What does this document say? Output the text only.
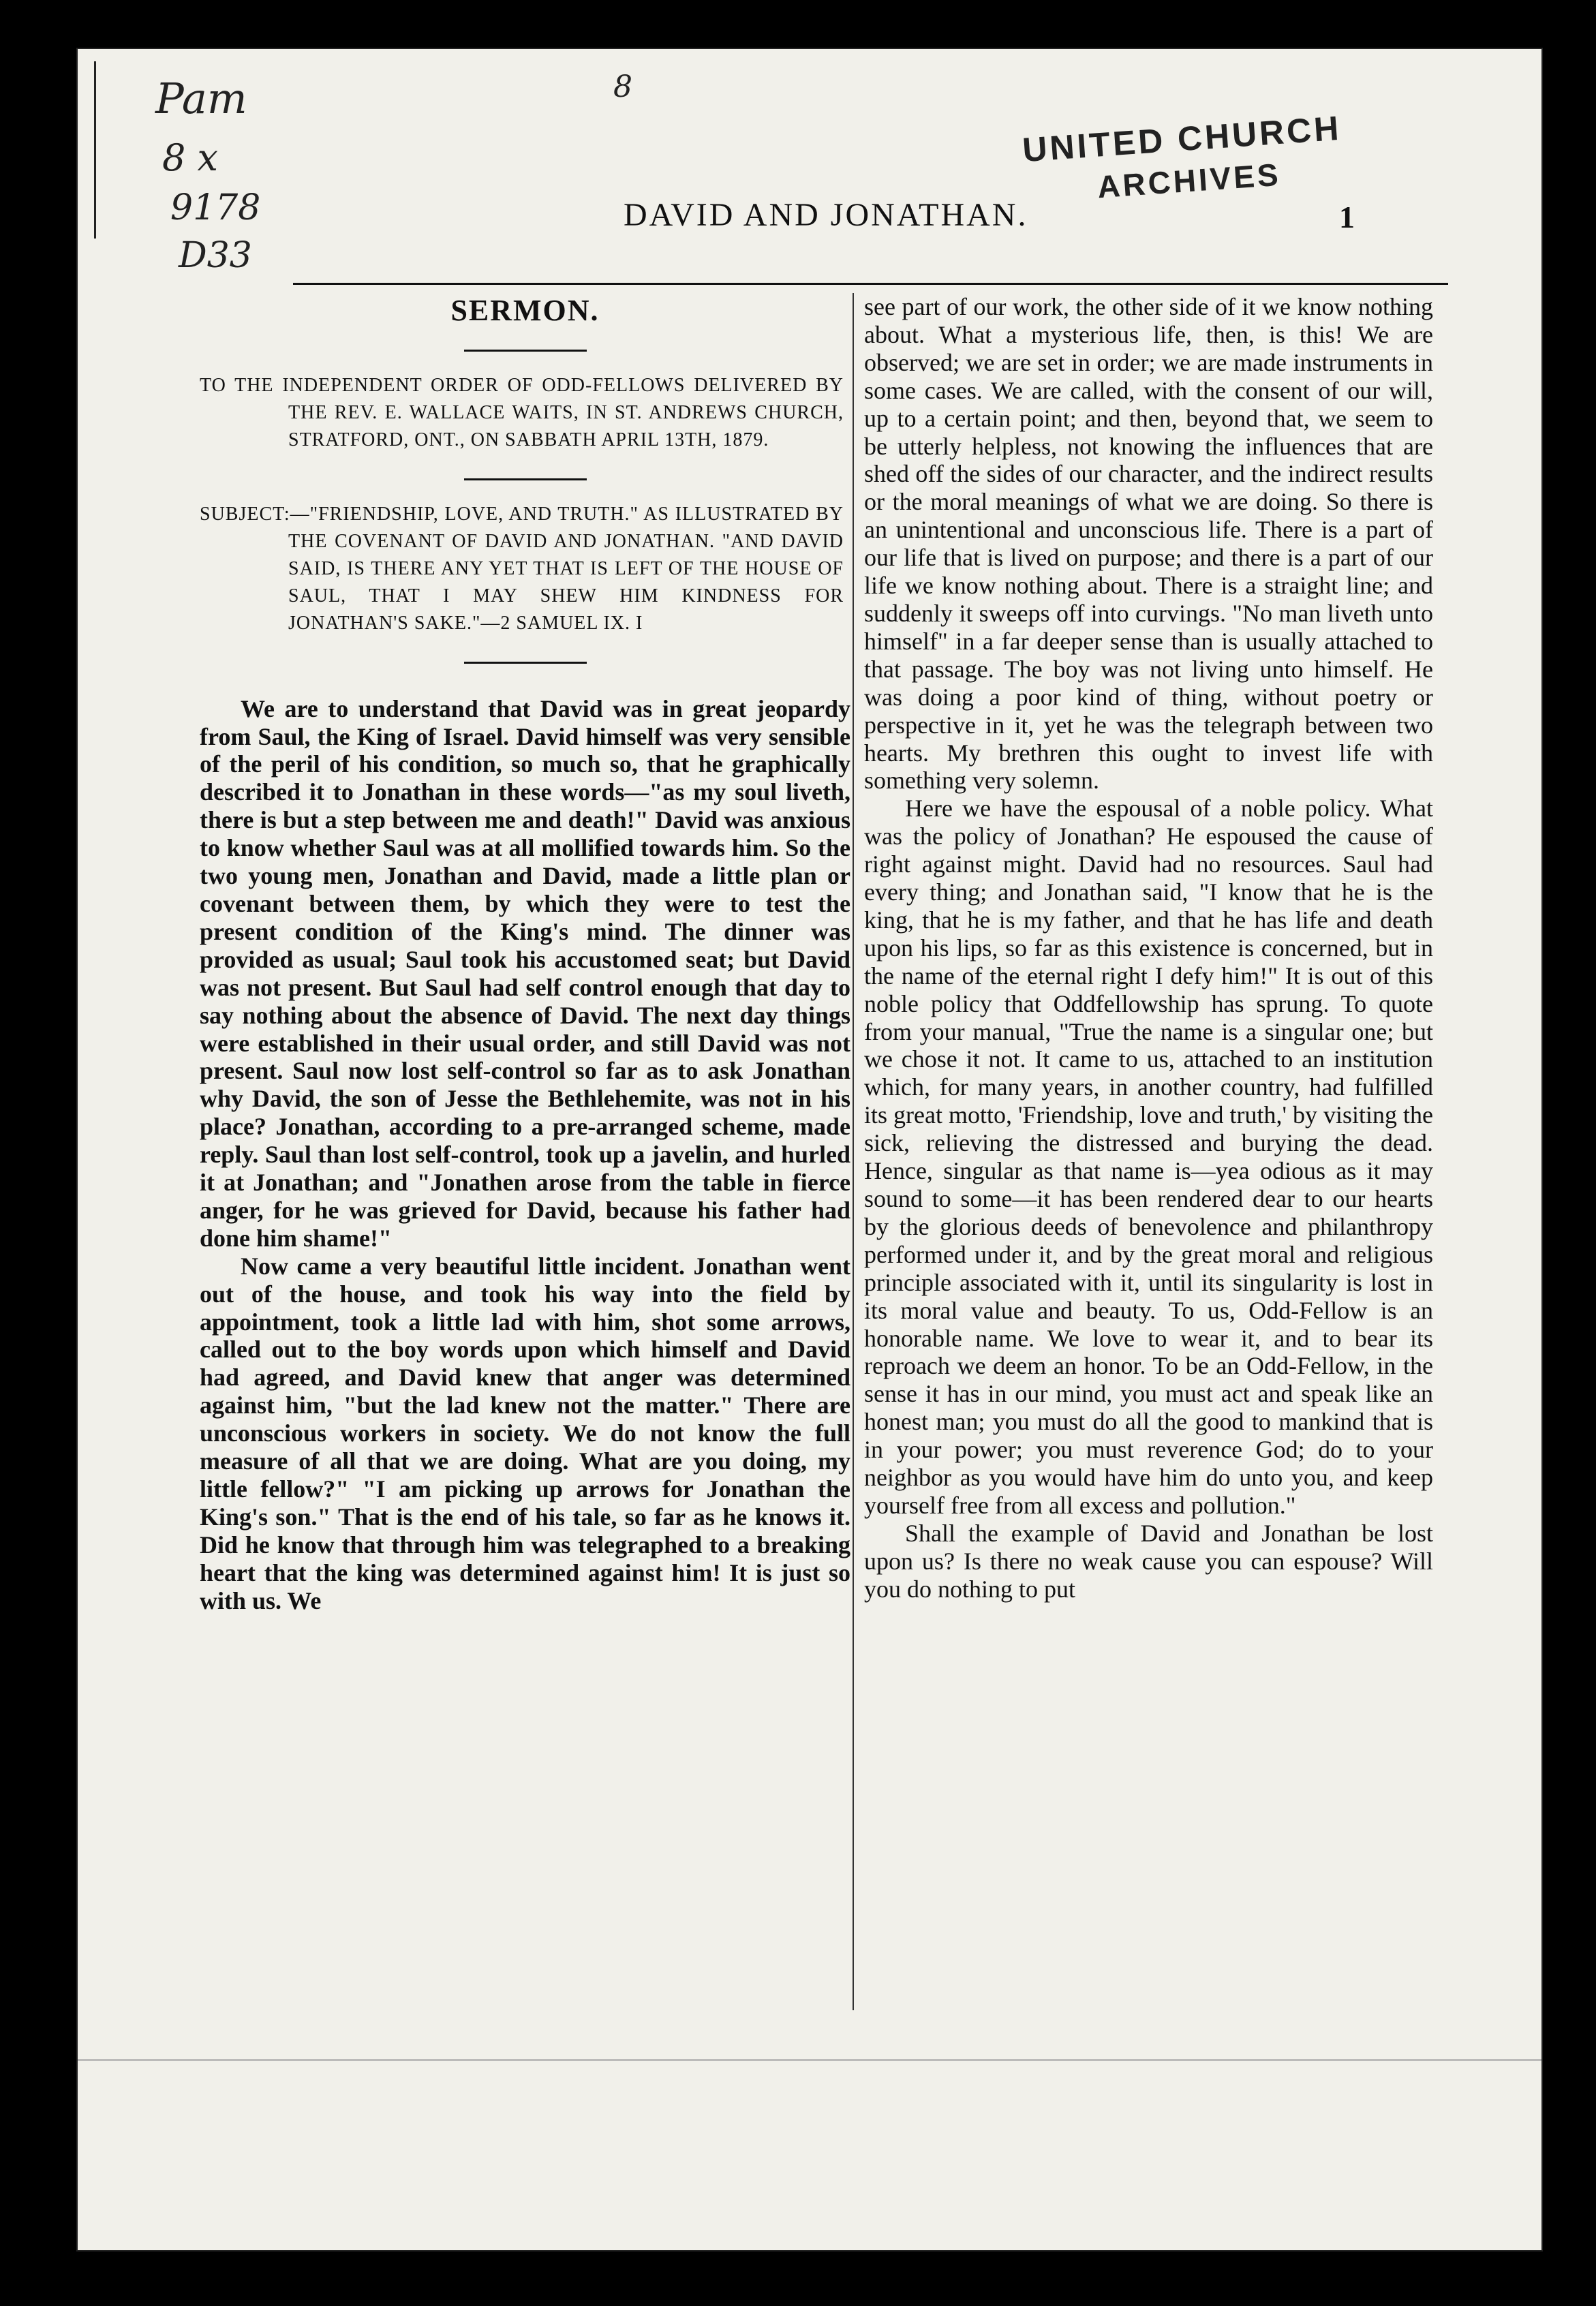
Pam
8 x
9178
D33
8
UNITED CHURCH
ARCHIVES
DAVID AND JONATHAN.	1
SERMON.

TO THE INDEPENDENT ORDER OF ODD-FELLOWS DELIVERED BY THE REV. E. WALLACE WAITS, IN ST. ANDREWS CHURCH, STRATFORD, ONT., ON SABBATH APRIL 13TH, 1879.

SUBJECT:—"FRIENDSHIP, LOVE, AND TRUTH." AS ILLUSTRATED BY THE COVENANT OF DAVID AND JONATHAN. "AND DAVID SAID, IS THERE ANY YET THAT IS LEFT OF THE HOUSE OF SAUL, THAT I MAY SHEW HIM KINDNESS FOR JONATHAN'S SAKE."—2 SAMUEL IX. I

We are to understand that David was in great jeopardy from Saul, the King of Israel. David himself was very sensible of the peril of his condition, so much so, that he graphically described it to Jonathan in these words—"as my soul liveth, there is but a step between me and death!" David was anxious to know whether Saul was at all mollified towards him. So the two young men, Jonathan and David, made a little plan or covenant between them, by which they were to test the present condition of the King's mind. The dinner was provided as usual; Saul took his accustomed seat; but David was not present. But Saul had self control enough that day to say nothing about the absence of David. The next day things were established in their usual order, and still David was not present. Saul now lost self-control so far as to ask Jonathan why David, the son of Jesse the Bethlehemite, was not in his place? Jonathan, according to a pre-arranged scheme, made reply. Saul than lost self-control, took up a javelin, and hurled it at Jonathan; and "Jonathen arose from the table in fierce anger, for he was grieved for David, because his father had done him shame!"

Now came a very beautiful little incident. Jonathan went out of the house, and took his way into the field by appointment, took a little lad with him, shot some arrows, called out to the boy words upon which himself and David had agreed, and David knew that anger was determined against him, "but the lad knew not the matter." There are unconscious workers in society. We do not know the full measure of all that we are doing. What are you doing, my little fellow?" "I am picking up arrows for Jonathan the King's son." That is the end of his tale, so far as he knows it. Did he know that through him was telegraphed to a breaking heart that the king was determined against him! It is just so with us. We

see part of our work, the other side of it we know nothing about. What a mysterious life, then, is this! We are observed; we are set in order; we are made instruments in some cases. We are called, with the consent of our will, up to a certain point; and then, beyond that, we seem to be utterly helpless, not knowing the influences that are shed off the sides of our character, and the indirect results or the moral meanings of what we are doing. So there is an unintentional and unconscious life. There is a part of our life that is lived on purpose; and there is a part of our life we know nothing about. There is a straight line; and suddenly it sweeps off into curvings. "No man liveth unto himself" in a far deeper sense than is usually attached to that passage. The boy was not living unto himself. He was doing a poor kind of thing, without poetry or perspective in it, yet he was the telegraph between two hearts. My brethren this ought to invest life with something very solemn.

Here we have the espousal of a noble policy. What was the policy of Jonathan? He espoused the cause of right against might. David had no resources. Saul had every thing; and Jonathan said, "I know that he is the king, that he is my father, and that he has life and death upon his lips, so far as this existence is concerned, but in the name of the eternal right I defy him!" It is out of this noble policy that Oddfellowship has sprung. To quote from your manual, "True the name is a singular one; but we chose it not. It came to us, attached to an institution which, for many years, in another country, had fulfilled its great motto, 'Friendship, love and truth,' by visiting the sick, relieving the distressed and burying the dead. Hence, singular as that name is—yea odious as it may sound to some—it has been rendered dear to our hearts by the glorious deeds of benevolence and philanthropy performed under it, and by the great moral and religious principle associated with it, until its singularity is lost in its moral value and beauty. To us, Odd-Fellow is an honorable name. We love to wear it, and to bear its reproach we deem an honor. To be an Odd-Fellow, in the sense it has in our mind, you must act and speak like an honest man; you must do all the good to mankind that is in your power; you must reverence God; do to your neighbor as you would have him do unto you, and keep yourself free from all excess and pollution."

Shall the example of David and Jonathan be lost upon us? Is there no weak cause you can espouse? Will you do nothing to put
